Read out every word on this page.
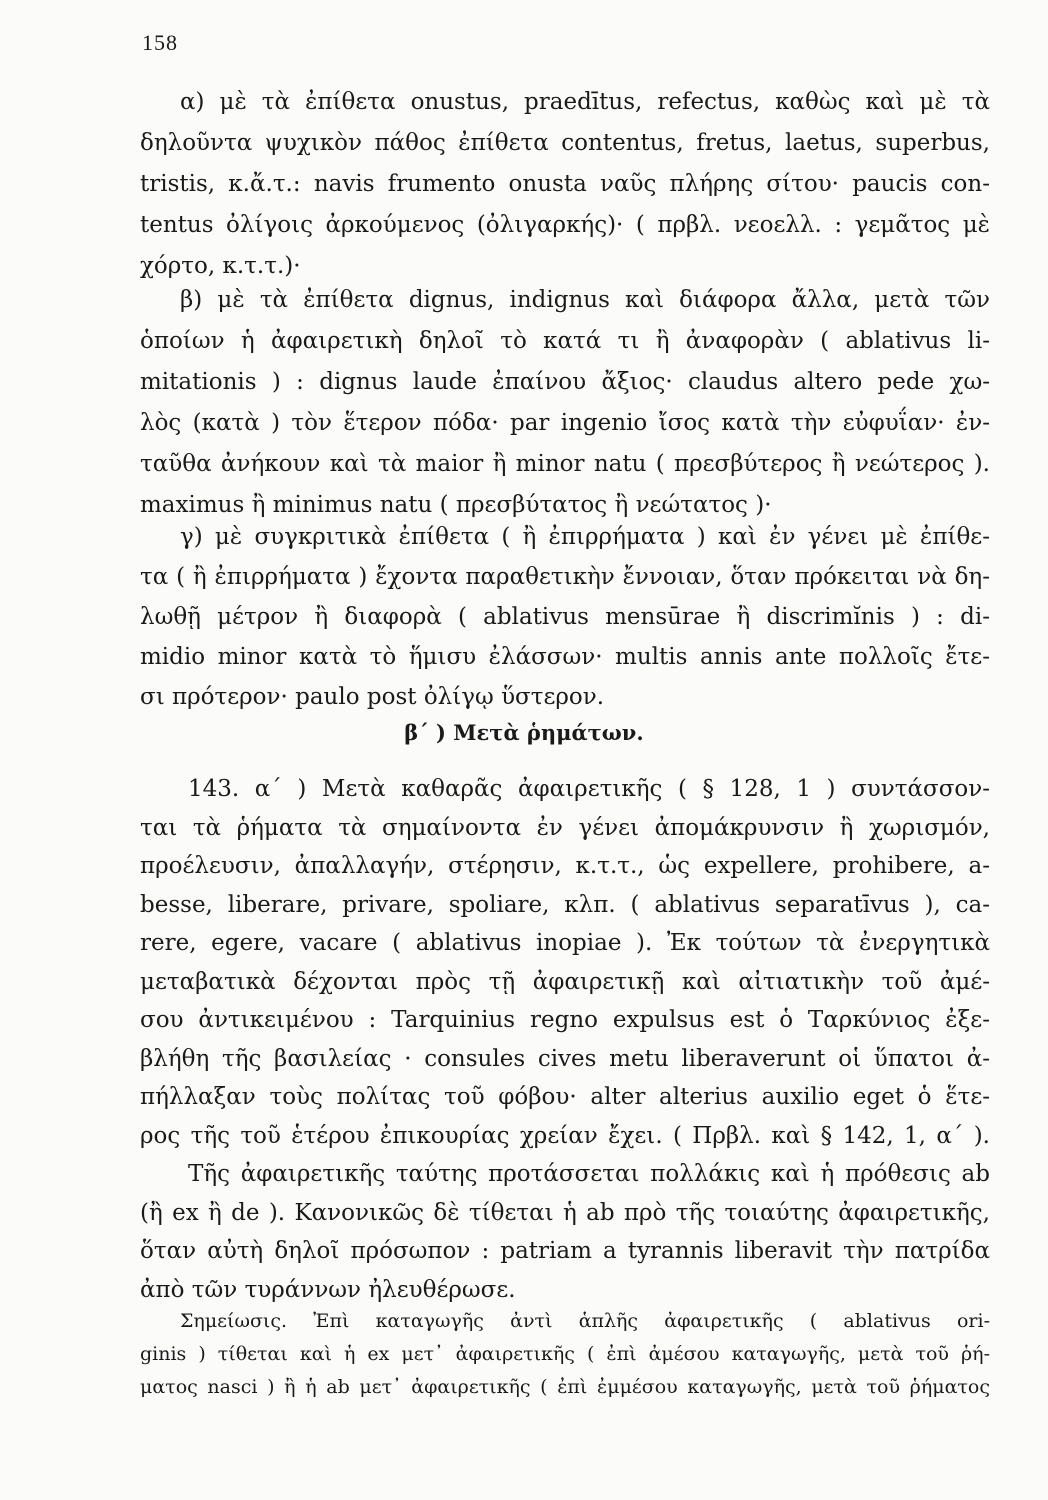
158
α) μὲ τὰ ἐπίθετα onustus, praedītus, refectus, καθὼς καὶ μὲ τὰ
δηλοῦντα ψυχικὸν πάθος ἐπίθετα contentus, fretus, laetus, superbus,
tristis, κ.ἄ.τ.: navis frumento onusta ναῦς πλήρης σίτου· paucis con-
tentus ὀλίγοις ἀρκούμενος (ὀλιγαρκής)· ( πρβλ. νεοελλ. : γεμᾶτος μὲ
χόρτο, κ.τ.τ.)·
β) μὲ τὰ ἐπίθετα dignus, indignus καὶ διάφορα ἄλλα, μετὰ τῶν
ὁποίων ἡ ἀφαιρετικὴ δηλοῖ τὸ κατά τι ἢ ἀναφορὰν ( ablativus li-
mitationis ) : dignus laude ἐπαίνου ἄξιος· claudus altero pede χω-
λὸς (κατὰ ) τὸν ἕτερον πόδα· par ingenio ἴσος κατὰ τὴν εὐφυΐαν· ἐν-
ταῦθα ἀνήκουν καὶ τὰ maior ἢ minor natu ( πρεσβύτερος ἢ νεώτερος ).
maximus ἢ minimus natu ( πρεσβύτατος ἢ νεώτατος )·
γ) μὲ συγκριτικὰ ἐπίθετα ( ἢ ἐπιρρήματα ) καὶ ἐν γένει μὲ ἐπίθε-
τα ( ἢ ἐπιρρήματα ) ἔχοντα παραθετικὴν ἔννοιαν, ὅταν πρόκειται νὰ δη-
λωθῇ μέτρον ἢ διαφορὰ ( ablativus mensūrae ἢ discrimĭnis ) : di-
midio minor κατὰ τὸ ἥμισυ ἐλάσσων· multis annis ante πολλοῖς ἔτε-
σι πρότερον· paulo post ὀλίγῳ ὕστερον.
β΄ ) Μετὰ ῥημάτων.
143. α΄ ) Μετὰ καθαρᾶς ἀφαιρετικῆς ( § 128, 1 ) συντάσσον-
ται τὰ ῥήματα τὰ σημαίνοντα ἐν γένει ἀπομάκρυνσιν ἢ χωρισμόν,
προέλευσιν, ἀπαλλαγήν, στέρησιν, κ.τ.τ., ὡς expellere, prohibere, a-
besse, liberare, privare, spoliare, κλπ. ( ablativus separatīvus ), ca-
rere, egere, vacare ( ablativus inopiae ). Ἐκ τούτων τὰ ἐνεργητικὰ
μεταβατικὰ δέχονται πρὸς τῇ ἀφαιρετικῇ καὶ αἰτιατικὴν τοῦ ἀμέ-
σου ἀντικειμένου : Tarquinius regno expulsus est ὁ Ταρκύνιος ἐξε-
βλήθη τῆς βασιλείας · consules cives metu liberaverunt οἱ ὕπατοι ἀ-
πήλλαξαν τοὺς πολίτας τοῦ φόβου· alter alterius auxilio eget ὁ ἕτε-
ρος τῆς τοῦ ἑτέρου ἐπικουρίας χρείαν ἔχει. ( Πρβλ. καὶ § 142, 1, α΄ ).
Τῆς ἀφαιρετικῆς ταύτης προτάσσεται πολλάκις καὶ ἡ πρόθεσις ab
(ἢ ex ἢ de ). Κανονικῶς δὲ τίθεται ἡ ab πρὸ τῆς τοιαύτης ἀφαιρετικῆς,
ὅταν αὐτὴ δηλοῖ πρόσωπον : patriam a tyrannis liberavit τὴν πατρίδα
ἀπὸ τῶν τυράννων ἠλευθέρωσε.
Σημείωσις. Ἐπὶ καταγωγῆς ἀντὶ ἁπλῆς ἀφαιρετικῆς ( ablativus ori-
ginis ) τίθεται καὶ ἡ ex μετ᾽ ἀφαιρετικῆς ( ἐπὶ ἀμέσου καταγωγῆς, μετὰ τοῦ ῥή-
ματος nasci ) ἢ ἡ ab μετ᾽ ἀφαιρετικῆς ( ἐπὶ ἐμμέσου καταγωγῆς, μετὰ τοῦ ῥήματος
